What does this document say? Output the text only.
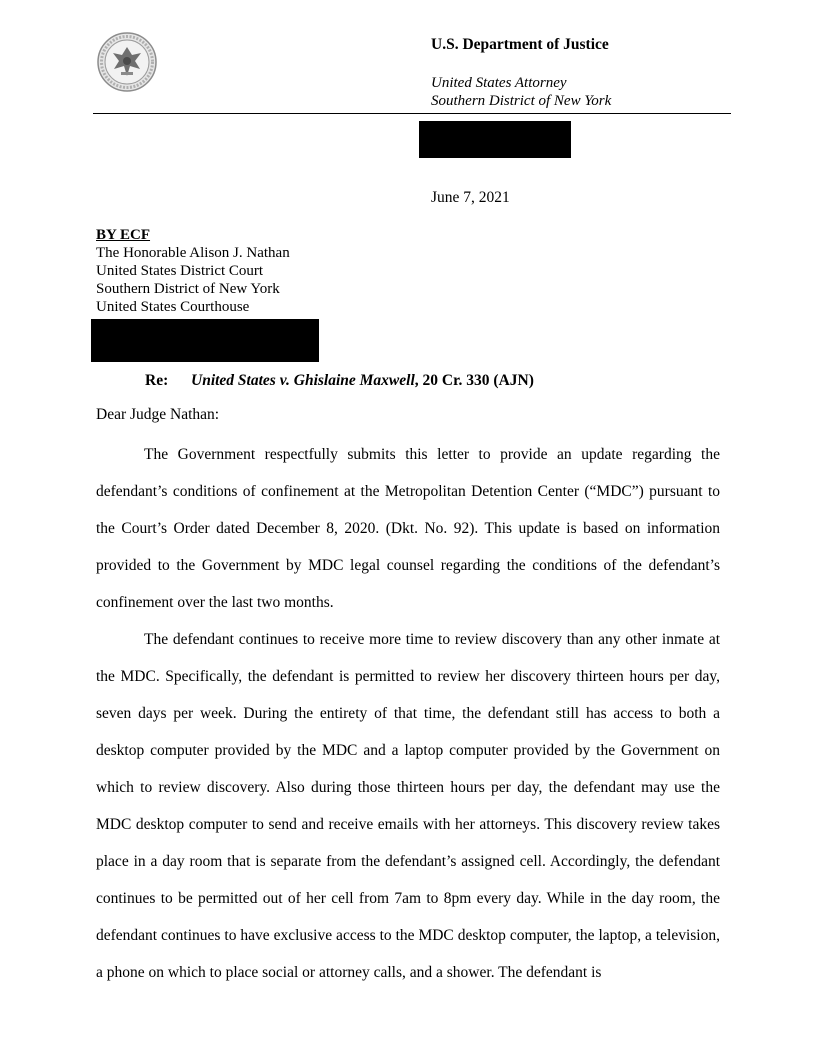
U.S. Department of Justice
United States Attorney
Southern District of New York
June 7, 2021
BY ECF
The Honorable Alison J. Nathan
United States District Court
Southern District of New York
United States Courthouse
Re: United States v. Ghislaine Maxwell, 20 Cr. 330 (AJN)
Dear Judge Nathan:

The Government respectfully submits this letter to provide an update regarding the defendant’s conditions of confinement at the Metropolitan Detention Center (“MDC”) pursuant to the Court’s Order dated December 8, 2020. (Dkt. No. 92). This update is based on information provided to the Government by MDC legal counsel regarding the conditions of the defendant’s confinement over the last two months.

The defendant continues to receive more time to review discovery than any other inmate at the MDC. Specifically, the defendant is permitted to review her discovery thirteen hours per day, seven days per week. During the entirety of that time, the defendant still has access to both a desktop computer provided by the MDC and a laptop computer provided by the Government on which to review discovery. Also during those thirteen hours per day, the defendant may use the MDC desktop computer to send and receive emails with her attorneys. This discovery review takes place in a day room that is separate from the defendant’s assigned cell. Accordingly, the defendant continues to be permitted out of her cell from 7am to 8pm every day. While in the day room, the defendant continues to have exclusive access to the MDC desktop computer, the laptop, a television, a phone on which to place social or attorney calls, and a shower. The defendant is
